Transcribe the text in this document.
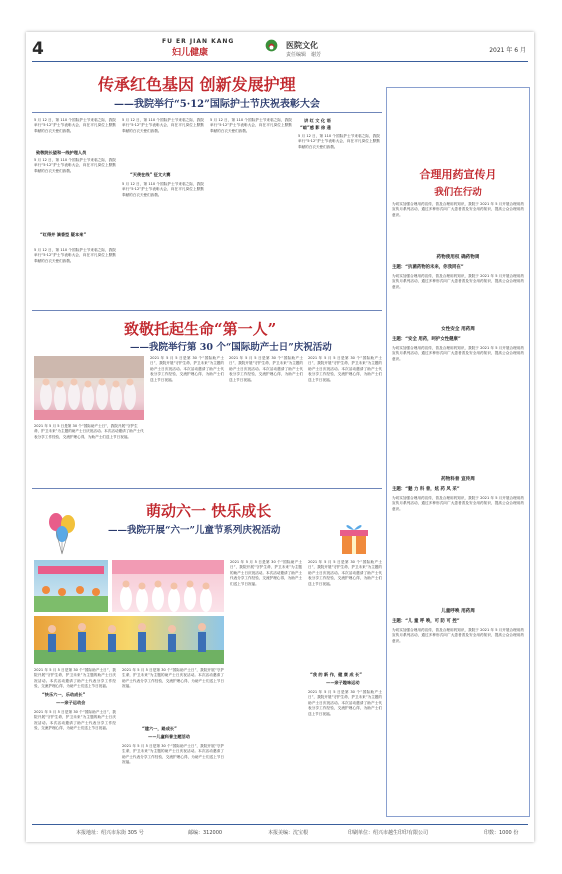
4	FU ER JIAN KANG
妇儿健康
医院文化
责任编辑　谢芳
2021 年 6 月
传承红色基因 创新发展护理
——我院举行“5·12”国际护士节庆祝表彰大会
5 月 12 日，第 110 个国际护士节来临之际，我院举行“5·12”护士节表彰大会，向在平凡岗位上默默奉献的白衣天使们致敬。
致敬院长望和一线护理人员
5 月 12 日，第 110 个国际护士节来临之际，我院举行“5·12”护士节表彰大会，向在平凡岗位上默默奉献的白衣天使们致敬。
“红得并 滴香型 疑本来”
5 月 12 日，第 110 个国际护士节来临之际，我院举行“5·12”护士节表彰大会，向在平凡岗位上默默奉献的白衣天使们致敬。
5 月 12 日，第 110 个国际护士节来临之际，我院举行“5·12”护士节表彰大会，向在平凡岗位上默默奉献的白衣天使们致敬。
“天使在线” 征文大赛
5 月 12 日，第 110 个国际护士节来临之际，我院举行“5·12”护士节表彰大会，向在平凡岗位上默默奉献的白衣天使们致敬。
5 月 12 日，第 110 个国际护士节来临之际，我院举行“5·12”护士节表彰大会，向在平凡岗位上默默奉献的白衣天使们致敬。
讲 红 文 化 语
“暗”感 影 徐 通
5 月 12 日，第 110 个国际护士节来临之际，我院举行“5·12”护士节表彰大会，向在平凡岗位上默默奉献的白衣天使们致敬。
致敬托起生命“第一人”
——我院举行第 30 个“国际助产士日”庆祝活动
2021 年 5 月 5 日是第 30 个“国际助产士日”，我院开展“守护生命，护卫未来”为主题的助产士日庆祝活动。本次活动邀请了助产士代表分享工作经验，交流护理心得，为助产士们送上节日祝福。
2021 年 5 月 5 日是第 30 个“国际助产士日”，我院开展“守护生命，护卫未来”为主题的助产士日庆祝活动。本次活动邀请了助产士代表分享工作经验，交流护理心得，为助产士们送上节日祝福。
2021 年 5 月 5 日是第 30 个“国际助产士日”，我院开展“守护生命，护卫未来”为主题的助产士日庆祝活动。本次活动邀请了助产士代表分享工作经验，交流护理心得，为助产士们送上节日祝福。
2021 年 5 月 5 日是第 30 个“国际助产士日”，我院开展“守护生命，护卫未来”为主题的助产士日庆祝活动。本次活动邀请了助产士代表分享工作经验，交流护理心得，为助产士们送上节日祝福。
萌动六一 快乐成长
——我院开展“六一”儿童节系列庆祝活动
2021 年 5 月 5 日是第 30 个“国际助产士日”，我院开展“守护生命，护卫未来”为主题的助产士日庆祝活动。本次活动邀请了助产士代表分享工作经验，交流护理心得，为助产士们送上节日祝福。
“快乐六一，乐动成长”
——亲子运动会
2021 年 5 月 5 日是第 30 个“国际助产士日”，我院开展“守护生命，护卫未来”为主题的助产士日庆祝活动。本次活动邀请了助产士代表分享工作经验，交流护理心得，为助产士们送上节日祝福。
2021 年 5 月 5 日是第 30 个“国际助产士日”，我院开展“守护生命，护卫未来”为主题的助产士日庆祝活动。本次活动邀请了助产士代表分享工作经验，交流护理心得，为助产士们送上节日祝福。
“建六一，路成长”
——儿童科普主题活动
2021 年 5 月 5 日是第 30 个“国际助产士日”，我院开展“守护生命，护卫未来”为主题的助产士日庆祝活动。本次活动邀请了助产士代表分享工作经验，交流护理心得，为助产士们送上节日祝福。
2021 年 5 月 5 日是第 30 个“国际助产士日”，我院开展“守护生命，护卫未来”为主题的助产士日庆祝活动。本次活动邀请了助产士代表分享工作经验，交流护理心得，为助产士们送上节日祝福。
2021 年 5 月 5 日是第 30 个“国际助产士日”，我院开展“守护生命，护卫未来”为主题的助产士日庆祝活动。本次活动邀请了助产士代表分享工作经验，交流护理心得，为助产士们送上节日祝福。
“我 的 新 作，健 康 成 长”
——亲子趣味运动
2021 年 5 月 5 日是第 30 个“国际助产士日”，我院开展“守护生命，护卫未来”为主题的助产士日庆祝活动。本次活动邀请了助产士代表分享工作经验，交流护理心得，为助产士们送上节日祝福。
合理用药宣传月
我们在行动
为切实加强合理用药宣传，普及合理用药知识，我院于 2021 年 5 月开展合理用药宣传月系列活动，通过多种形式向广大患者普及安全用药知识，提高公众合理用药意识。
药物使用权 确药物周
主题：“抗菌药物的未来，你我同在”
为切实加强合理用药宣传，普及合理用药知识，我院于 2021 年 5 月开展合理用药宣传月系列活动，通过多种形式向广大患者普及安全用药知识，提高公众合理用药意识。
女性安全 用药周
主题：“安全 用药，呵护女性健康”
为切实加强合理用药宣传，普及合理用药知识，我院于 2021 年 5 月开展合理用药宣传月系列活动，通过多种形式向广大患者普及安全用药知识，提高公众合理用药意识。
药物科普 宣传周
主题：“魅 力 科 普，炫 药 风 采”
为切实加强合理用药宣传，普及合理用药知识，我院于 2021 年 5 月开展合理用药宣传月系列活动，通过多种形式向广大患者普及安全用药知识，提高公众合理用药意识。
儿童呼唤 用药周
主题：“儿 童 呼 唤，可 防 可 控”
为切实加强合理用药宣传，普及合理用药知识，我院于 2021 年 5 月开展合理用药宣传月系列活动，通过多种形式向广大患者普及安全用药知识，提高公众合理用药意识。
本报地址：绍兴市东街 305 号	邮编：312000	本报美编：沈宝根	印刷单位：绍兴市越生印印有限公司	印数：1000 份
